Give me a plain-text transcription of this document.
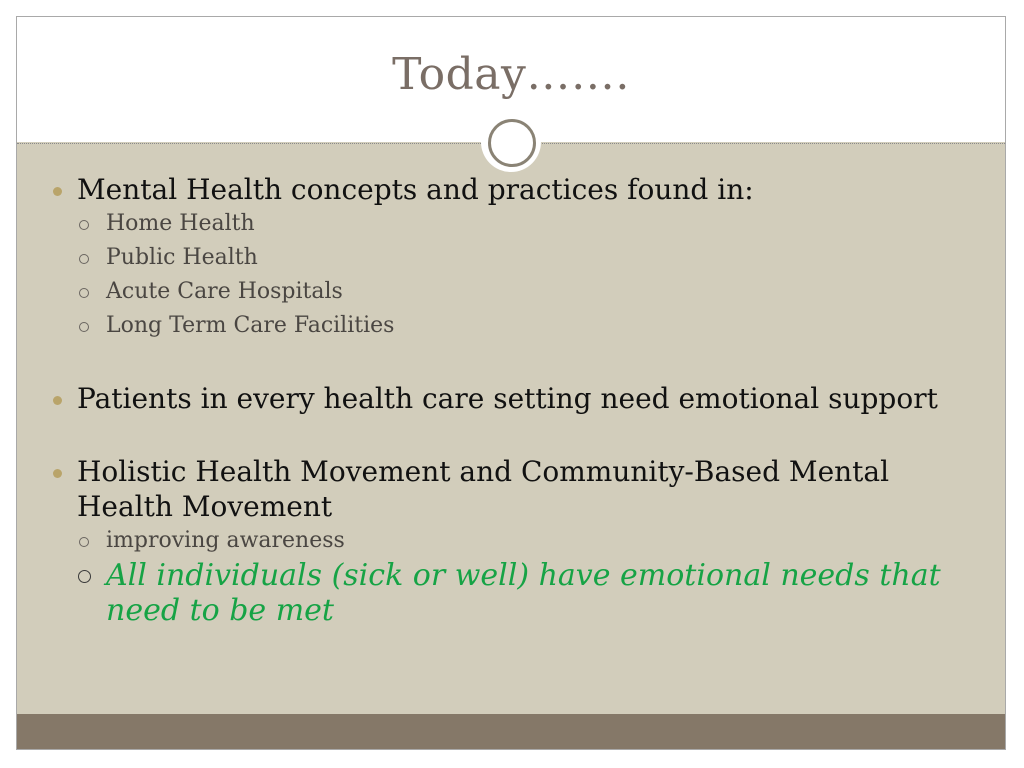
Today…….
Mental Health concepts and practices found in:
Home Health
Public Health
Acute Care Hospitals
Long Term Care Facilities
Patients in every health care setting need emotional support
Holistic Health Movement and Community-Based Mental Health Movement
improving awareness
All individuals (sick or well) have emotional needs that need to be met
